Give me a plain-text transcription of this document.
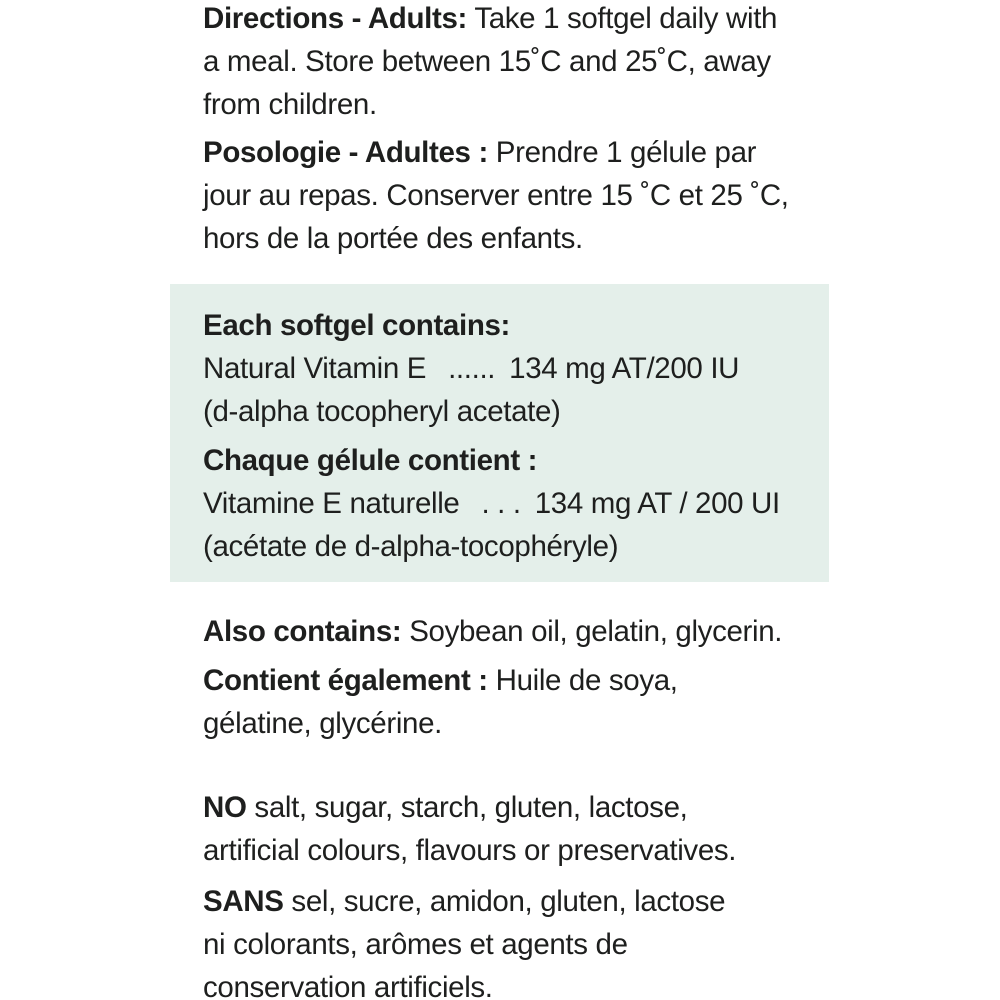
Directions - Adults: Take 1 softgel daily with
a meal. Store between 15˚C and 25˚C, away
from children.
Posologie - Adultes : Prendre 1 gélule par
jour au repas. Conserver entre 15 ˚C et 25 ˚C,
hors de la portée des enfants.
Each softgel contains:
Natural Vitamin E ...... 134 mg AT/200 IU
(d-alpha tocopheryl acetate)
Chaque gélule contient :
Vitamine E naturelle . . . 134 mg AT / 200 UI
(acétate de d-alpha-tocophéryle)
Also contains: Soybean oil, gelatin, glycerin.
Contient également : Huile de soya,
gélatine, glycérine.
NO salt, sugar, starch, gluten, lactose,
artificial colours, flavours or preservatives.
SANS sel, sucre, amidon, gluten, lactose
ni colorants, arômes et agents de
conservation artificiels.
